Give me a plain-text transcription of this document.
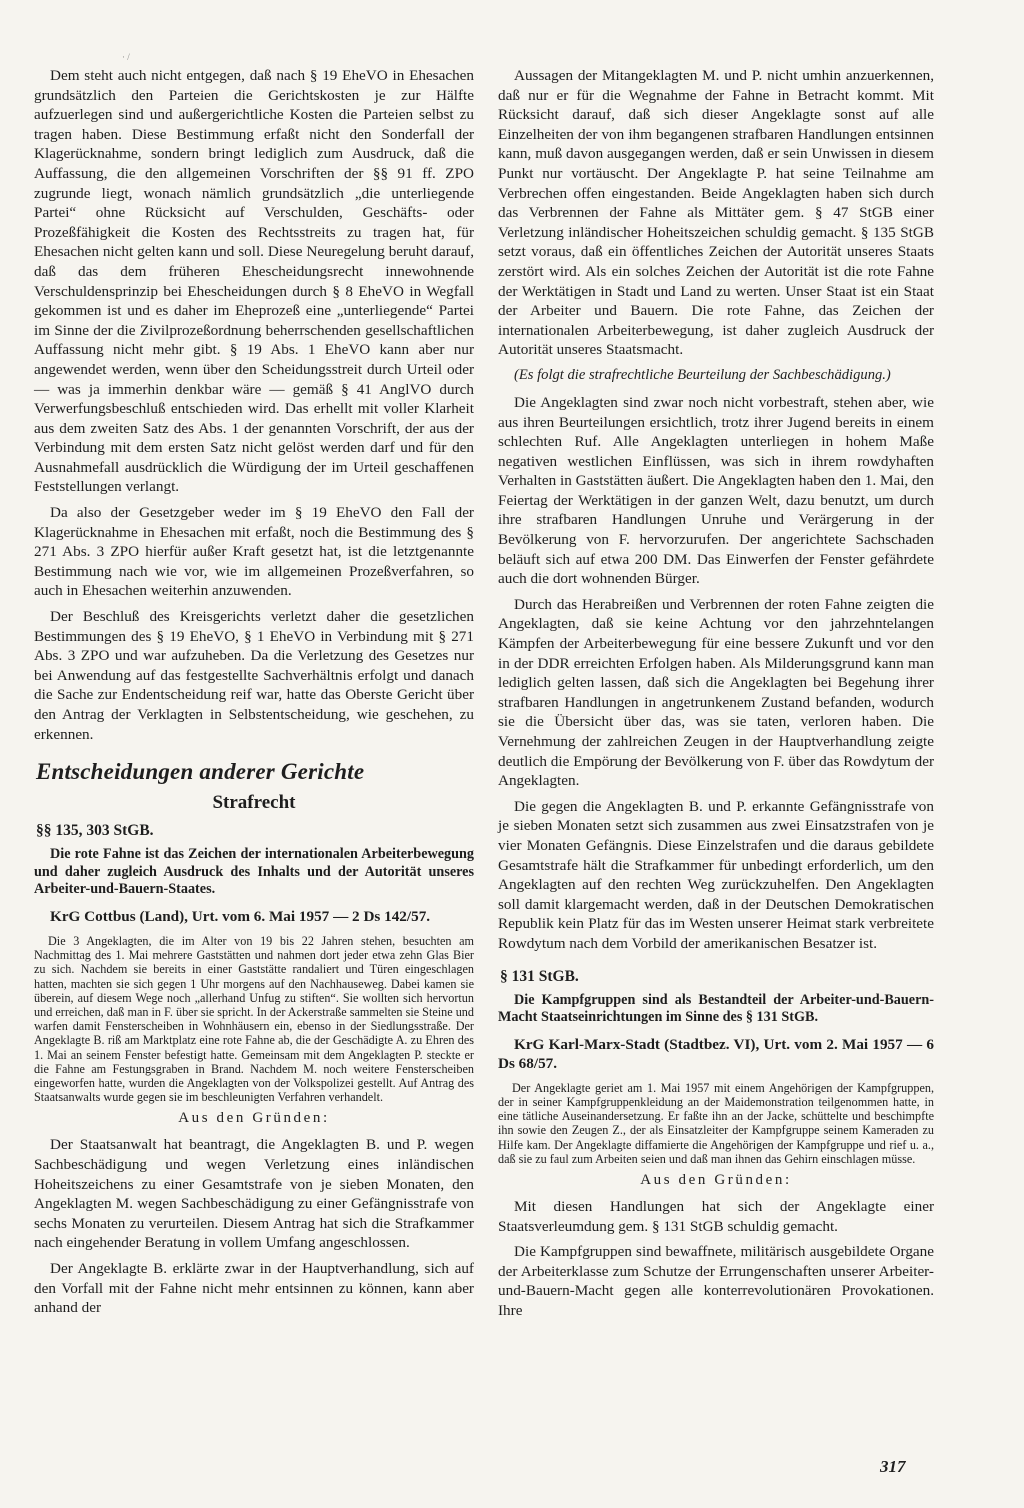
· /

Dem steht auch nicht entgegen, daß nach § 19 EheVO in Ehesachen grundsätzlich den Parteien die Gerichtskosten je zur Hälfte aufzuerlegen sind und außergerichtliche Kosten die Parteien selbst zu tragen haben. Diese Bestimmung erfaßt nicht den Sonderfall der Klagerücknahme, sondern bringt lediglich zum Ausdruck, daß die Auffassung, die den allgemeinen Vorschriften der §§ 91 ff. ZPO zugrunde liegt, wonach nämlich grundsätzlich „die unterliegende Partei“ ohne Rücksicht auf Verschulden, Geschäfts- oder Prozeßfähigkeit die Kosten des Rechtsstreits zu tragen hat, für Ehesachen nicht gelten kann und soll. Diese Neuregelung beruht darauf, daß das dem früheren Ehescheidungsrecht innewohnende Verschuldensprinzip bei Ehescheidungen durch § 8 EheVO in Wegfall gekommen ist und es daher im Eheprozeß eine „unterliegende“ Partei im Sinne der die Zivilprozeßordnung beherrschenden gesellschaftlichen Auffassung nicht mehr gibt. § 19 Abs. 1 EheVO kann aber nur angewendet werden, wenn über den Scheidungsstreit durch Urteil oder — was ja immerhin denkbar wäre — gemäß § 41 AnglVO durch Verwerfungsbeschluß entschieden wird. Das erhellt mit voller Klarheit aus dem zweiten Satz des Abs. 1 der genannten Vorschrift, der aus der Verbindung mit dem ersten Satz nicht gelöst werden darf und für den Ausnahmefall ausdrücklich die Würdigung der im Urteil geschaffenen Feststellungen verlangt.

Da also der Gesetzgeber weder im § 19 EheVO den Fall der Klagerücknahme in Ehesachen mit erfaßt, noch die Bestimmung des § 271 Abs. 3 ZPO hierfür außer Kraft gesetzt hat, ist die letztgenannte Bestimmung nach wie vor, wie im allgemeinen Prozeßverfahren, so auch in Ehesachen weiterhin anzuwenden.

Der Beschluß des Kreisgerichts verletzt daher die gesetzlichen Bestimmungen des § 19 EheVO, § 1 EheVO in Verbindung mit § 271 Abs. 3 ZPO und war aufzuheben. Da die Verletzung des Gesetzes nur bei Anwendung auf das festgestellte Sachverhältnis erfolgt und danach die Sache zur Endentscheidung reif war, hatte das Oberste Gericht über den Antrag der Verklagten in Selbstentscheidung, wie geschehen, zu erkennen.

Entscheidungen anderer Gerichte
Strafrecht
§§ 135, 303 StGB.
Die rote Fahne ist das Zeichen der internationalen Arbeiterbewegung und daher zugleich Ausdruck des Inhalts und der Autorität unseres Arbeiter-und-Bauern-Staates.
KrG Cottbus (Land), Urt. vom 6. Mai 1957 — 2 Ds 142/57.

Die 3 Angeklagten, die im Alter von 19 bis 22 Jahren stehen, besuchten am Nachmittag des 1. Mai mehrere Gaststätten und nahmen dort jeder etwa zehn Glas Bier zu sich. Nachdem sie bereits in einer Gaststätte randaliert und Türen eingeschlagen hatten, machten sie sich gegen 1 Uhr morgens auf den Nachhauseweg. Dabei kamen sie überein, auf diesem Wege noch „allerhand Unfug zu stiften“. Sie wollten sich hervortun und erreichen, daß man in F. über sie spricht. In der Ackerstraße sammelten sie Steine und warfen damit Fensterscheiben in Wohnhäusern ein, ebenso in der Siedlungsstraße. Der Angeklagte B. riß am Marktplatz eine rote Fahne ab, die der Geschädigte A. zu Ehren des 1. Mai an seinem Fenster befestigt hatte. Gemeinsam mit dem Angeklagten P. steckte er die Fahne am Festungsgraben in Brand. Nachdem M. noch weitere Fensterscheiben eingeworfen hatte, wurden die Angeklagten von der Volkspolizei gestellt. Auf Antrag des Staatsanwalts wurde gegen sie im beschleunigten Verfahren verhandelt.

Aus den Gründen:

Der Staatsanwalt hat beantragt, die Angeklagten B. und P. wegen Sachbeschädigung und wegen Verletzung eines inländischen Hoheitszeichens zu einer Gesamtstrafe von je sieben Monaten, den Angeklagten M. wegen Sachbeschädigung zu einer Gefängnisstrafe von sechs Monaten zu verurteilen. Diesem Antrag hat sich die Strafkammer nach eingehender Beratung in vollem Umfang angeschlossen.

Der Angeklagte B. erklärte zwar in der Hauptverhandlung, sich auf den Vorfall mit der Fahne nicht mehr entsinnen zu können, kann aber anhand der

Aussagen der Mitangeklagten M. und P. nicht umhin anzuerkennen, daß nur er für die Wegnahme der Fahne in Betracht kommt. Mit Rücksicht darauf, daß sich dieser Angeklagte sonst auf alle Einzelheiten der von ihm begangenen strafbaren Handlungen entsinnen kann, muß davon ausgegangen werden, daß er sein Unwissen in diesem Punkt nur vortäuscht. Der Angeklagte P. hat seine Teilnahme am Verbrechen offen eingestanden. Beide Angeklagten haben sich durch das Verbrennen der Fahne als Mittäter gem. § 47 StGB einer Verletzung inländischer Hoheitszeichen schuldig gemacht. § 135 StGB setzt voraus, daß ein öffentliches Zeichen der Autorität unseres Staats zerstört wird. Als ein solches Zeichen der Autorität ist die rote Fahne der Werktätigen in Stadt und Land zu werten. Unser Staat ist ein Staat der Arbeiter und Bauern. Die rote Fahne, das Zeichen der internationalen Arbeiterbewegung, ist daher zugleich Ausdruck der Autorität unseres Staatsmacht.

(Es folgt die strafrechtliche Beurteilung der Sachbeschädigung.)

Die Angeklagten sind zwar noch nicht vorbestraft, stehen aber, wie aus ihren Beurteilungen ersichtlich, trotz ihrer Jugend bereits in einem schlechten Ruf. Alle Angeklagten unterliegen in hohem Maße negativen westlichen Einflüssen, was sich in ihrem rowdyhaften Verhalten in Gaststätten äußert. Die Angeklagten haben den 1. Mai, den Feiertag der Werktätigen in der ganzen Welt, dazu benutzt, um durch ihre strafbaren Handlungen Unruhe und Verärgerung in der Bevölkerung von F. hervorzurufen. Der angerichtete Sachschaden beläuft sich auf etwa 200 DM. Das Einwerfen der Fenster gefährdete auch die dort wohnenden Bürger.

Durch das Herabreißen und Verbrennen der roten Fahne zeigten die Angeklagten, daß sie keine Achtung vor den jahrzehntelangen Kämpfen der Arbeiterbewegung für eine bessere Zukunft und vor den in der DDR erreichten Erfolgen haben. Als Milderungsgrund kann man lediglich gelten lassen, daß sich die Angeklagten bei Begehung ihrer strafbaren Handlungen in angetrunkenem Zustand befanden, wodurch sie die Übersicht über das, was sie taten, verloren haben. Die Vernehmung der zahlreichen Zeugen in der Hauptverhandlung zeigte deutlich die Empörung der Bevölkerung von F. über das Rowdytum der Angeklagten.

Die gegen die Angeklagten B. und P. erkannte Gefängnisstrafe von je sieben Monaten setzt sich zusammen aus zwei Einsatzstrafen von je vier Monaten Gefängnis. Diese Einzelstrafen und die daraus gebildete Gesamtstrafe hält die Strafkammer für unbedingt erforderlich, um den Angeklagten auf den rechten Weg zurückzuhelfen. Den Angeklagten soll damit klargemacht werden, daß in der Deutschen Demokratischen Republik kein Platz für das im Westen unserer Heimat stark verbreitete Rowdytum nach dem Vorbild der amerikanischen Besatzer ist.

§ 131 StGB.
Die Kampfgruppen sind als Bestandteil der Arbeiter-und-Bauern-Macht Staatseinrichtungen im Sinne des § 131 StGB.
KrG Karl-Marx-Stadt (Stadtbez. VI), Urt. vom 2. Mai 1957 — 6 Ds 68/57.

Der Angeklagte geriet am 1. Mai 1957 mit einem Angehörigen der Kampfgruppen, der in seiner Kampfgruppenkleidung an der Maidemonstration teilgenommen hatte, in eine tätliche Auseinandersetzung. Er faßte ihn an der Jacke, schüttelte und beschimpfte ihn sowie den Zeugen Z., der als Einsatzleiter der Kampfgruppe seinem Kameraden zu Hilfe kam. Der Angeklagte diffamierte die Angehörigen der Kampfgruppe und rief u. a., daß sie zu faul zum Arbeiten seien und daß man ihnen das Gehirn einschlagen müsse.

Aus den Gründen:

Mit diesen Handlungen hat sich der Angeklagte einer Staatsverleumdung gem. § 131 StGB schuldig gemacht.

Die Kampfgruppen sind bewaffnete, militärisch ausgebildete Organe der Arbeiterklasse zum Schutze der Errungenschaften unserer Arbeiter-und-Bauern-Macht gegen alle konterrevolutionären Provokationen. Ihre

317
